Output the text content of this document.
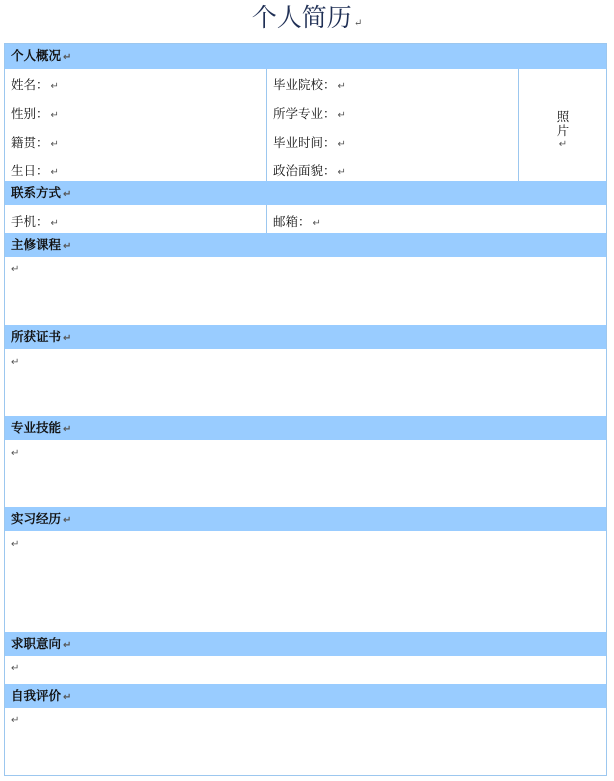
个人简历 ↵
个人概况 ↵
姓名： ↵
性别： ↵
籍贯： ↵
生日： ↵
毕业院校： ↵
所学专业： ↵
毕业时间： ↵
政治面貌： ↵
照
片
↵
联系方式 ↵
手机： ↵	邮箱： ↵
主修课程 ↵
↵
所获证书 ↵
↵
专业技能 ↵
↵
实习经历 ↵
↵
求职意向 ↵
↵
自我评价 ↵
↵
